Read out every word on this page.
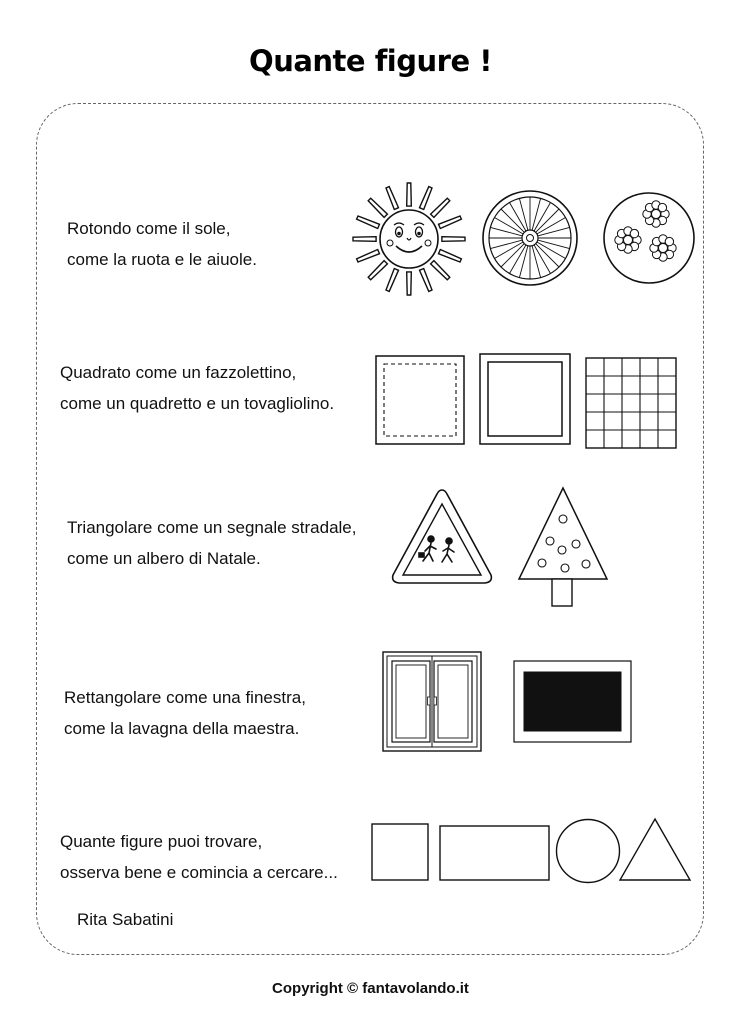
Quante figure !
Rotondo come il sole,
come la ruota e le aiuole.
Quadrato come un fazzolettino,
come un quadretto e un tovagliolino.
Triangolare come un segnale stradale,
come un albero di Natale.
Rettangolare come una finestra,
come la lavagna della maestra.
Quante figure puoi trovare,
osserva bene e comincia a cercare...
Rita Sabatini
Copyright © fantavolando.it
